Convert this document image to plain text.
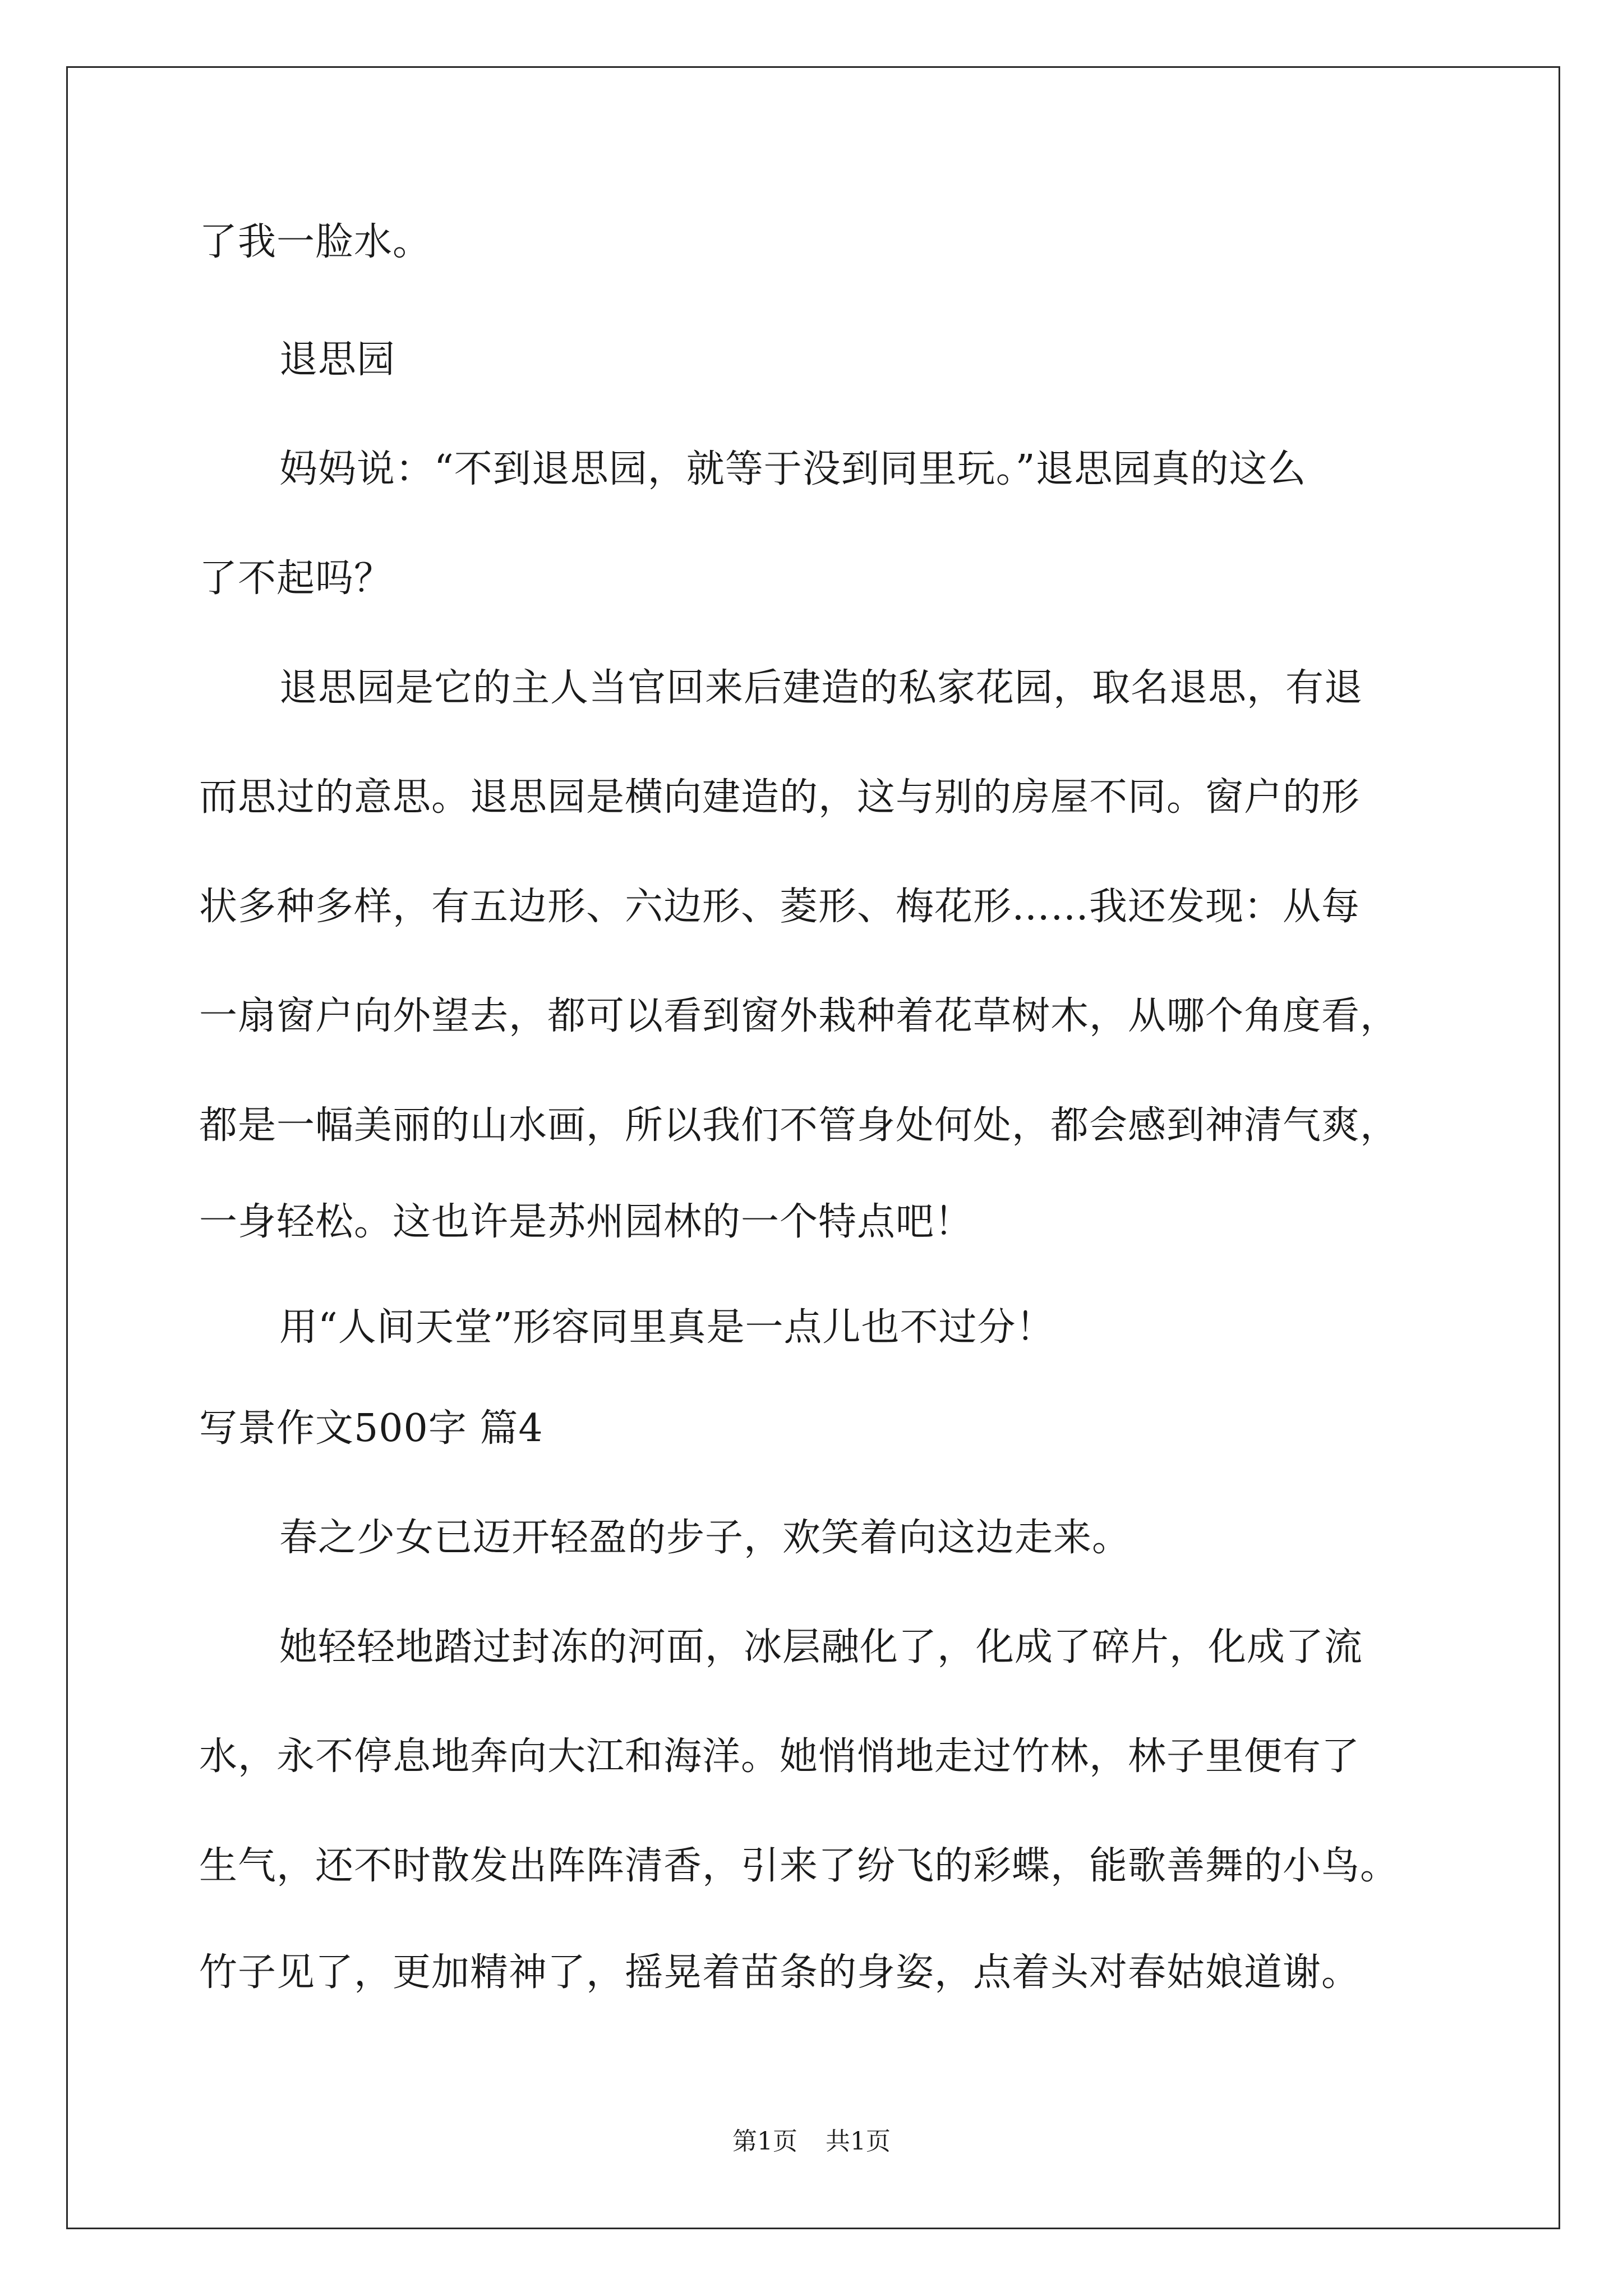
了我一脸水。
退思园
妈妈说：“不到退思园，就等于没到同里玩。”退思园真的这么
了不起吗？
退思园是它的主人当官回来后建造的私家花园，取名退思，有退
而思过的意思。退思园是横向建造的，这与别的房屋不同。窗户的形
状多种多样，有五边形、六边形、菱形、梅花形……我还发现：从每
一扇窗户向外望去，都可以看到窗外栽种着花草树木，从哪个角度看，
都是一幅美丽的山水画，所以我们不管身处何处，都会感到神清气爽，
一身轻松。这也许是苏州园林的一个特点吧！
用“人间天堂”形容同里真是一点儿也不过分！
写景作文500字 篇4
春之少女已迈开轻盈的步子，欢笑着向这边走来。
她轻轻地踏过封冻的河面，冰层融化了，化成了碎片，化成了流
水，永不停息地奔向大江和海洋。她悄悄地走过竹林，林子里便有了
生气，还不时散发出阵阵清香，引来了纷飞的彩蝶，能歌善舞的小鸟。
竹子见了，更加精神了，摇晃着苗条的身姿，点着头对春姑娘道谢。
第1页 共1页
